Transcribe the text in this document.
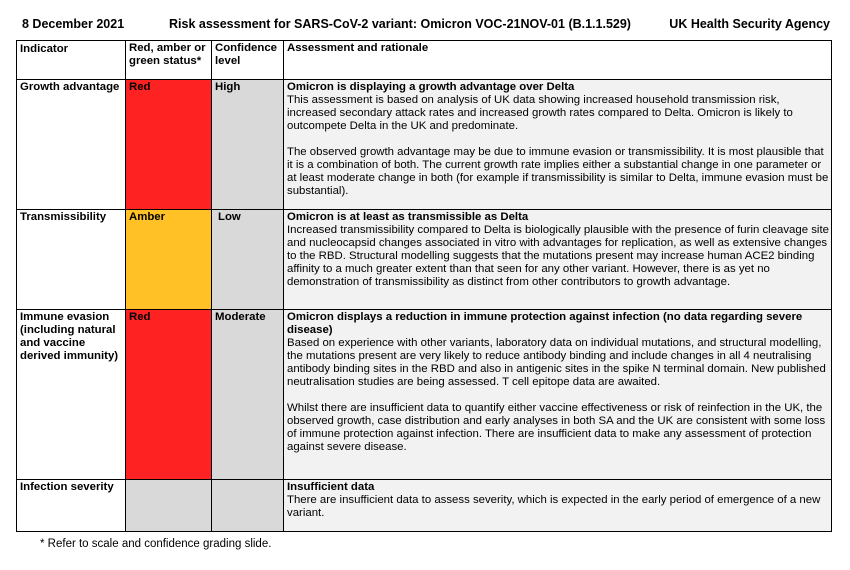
8 December 2021	Risk assessment for SARS-CoV-2 variant: Omicron VOC-21NOV-01 (B.1.1.529)	UK Health Security Agency
Indicator	Red, amber or green status*	Confidence level	Assessment and rationale
Growth advantage	Red	High	Omicron is displaying a growth advantage over Delta
This assessment is based on analysis of UK data showing increased household transmission risk, increased secondary attack rates and increased growth rates compared to Delta. Omicron is likely to outcompete Delta in the UK and predominate.
The observed growth advantage may be due to immune evasion or transmissibility. It is most plausible that it is a combination of both. The current growth rate implies either a substantial change in one parameter or at least moderate change in both (for example if transmissibility is similar to Delta, immune evasion must be substantial).

Transmissibility	Amber	Low	Omicron is at least as transmissible as Delta
Increased transmissibility compared to Delta is biologically plausible with the presence of furin cleavage site and nucleocapsid changes associated in vitro with advantages for replication, as well as extensive changes to the RBD. Structural modelling suggests that the mutations present may increase human ACE2 binding affinity to a much greater extent than that seen for any other variant. However, there is as yet no demonstration of transmissibility as distinct from other contributors to growth advantage.

Immune evasion (including natural and vaccine derived immunity)	Red	Moderate	Omicron displays a reduction in immune protection against infection (no data regarding severe disease)
Based on experience with other variants, laboratory data on individual mutations, and structural modelling, the mutations present are very likely to reduce antibody binding and include changes in all 4 neutralising antibody binding sites in the RBD and also in antigenic sites in the spike N terminal domain. New published neutralisation studies are being assessed. T cell epitope data are awaited.
Whilst there are insufficient data to quantify either vaccine effectiveness or risk of reinfection in the UK, the observed growth, case distribution and early analyses in both SA and the UK are consistent with some loss of immune protection against infection. There are insufficient data to make any assessment of protection against severe disease.

Infection severity			Insufficient data
There are insufficient data to assess severity, which is expected in the early period of emergence of a new variant.
* Refer to scale and confidence grading slide.
